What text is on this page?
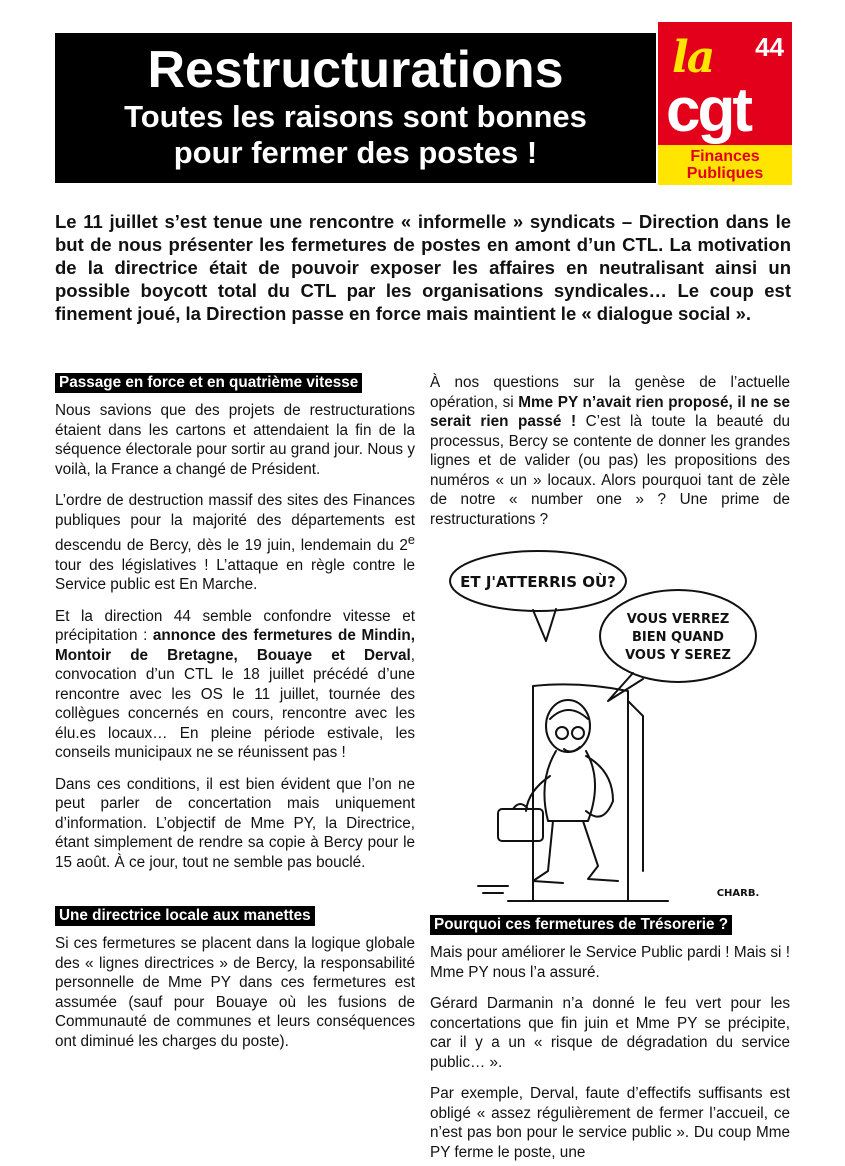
Restructurations
Toutes les raisons sont bonnes
pour fermer des postes !
la 44
cgt
Finances
Publiques
Le 11 juillet s’est tenue une rencontre « informelle » syndicats – Direction dans le but de nous présenter les fermetures de postes en amont d’un CTL. La motivation de la directrice était de pouvoir exposer les affaires en neutralisant ainsi un possible boycott total du CTL par les organisations syndicales… Le coup est finement joué, la Direction passe en force mais maintient le « dialogue social ».
Passage en force et en quatrième vitesse

Nous savions que des projets de restructurations étaient dans les cartons et attendaient la fin de la séquence électorale pour sortir au grand jour. Nous y voilà, la France a changé de Président.

L’ordre de destruction massif des sites des Finances publiques pour la majorité des départements est descendu de Bercy, dès le 19 juin, lendemain du 2e tour des législatives ! L’attaque en règle contre le Service public est En Marche.

Et la direction 44 semble confondre vitesse et précipitation : annonce des fermetures de Mindin, Montoir de Bretagne, Bouaye et Derval, convocation d’un CTL le 18 juillet précédé d’une rencontre avec les OS le 11 juillet, tournée des collègues concernés en cours, rencontre avec les élu.es locaux… En pleine période estivale, les conseils municipaux ne se réunissent pas !

Dans ces conditions, il est bien évident que l’on ne peut parler de concertation mais uniquement d’information. L’objectif de Mme PY, la Directrice, étant simplement de rendre sa copie à Bercy pour le 15 août. À ce jour, tout ne semble pas bouclé.

Une directrice locale aux manettes

Si ces fermetures se placent dans la logique globale des « lignes directrices » de Bercy, la responsabilité personnelle de Mme PY dans ces fermetures est assumée (sauf pour Bouaye où les fusions de Communauté de communes et leurs conséquences ont diminué les charges du poste).

À nos questions sur la genèse de l’actuelle opération, si Mme PY n’avait rien proposé, il ne se serait rien passé ! C’est là toute la beauté du processus, Bercy se contente de donner les grandes lignes et de valider (ou pas) les propositions des numéros « un » locaux. Alors pourquoi tant de zèle de notre « number one » ? Une prime de restructurations ?

ET J'ATTERRIS OÙ?
VOUS VERREZ
BIEN QUAND
VOUS Y SEREZ
CHARB.
Pourquoi ces fermetures de Trésorerie ?

Mais pour améliorer le Service Public pardi ! Mais si ! Mme PY nous l’a assuré.

Gérard Darmanin n’a donné le feu vert pour les concertations que fin juin et Mme PY se précipite, car il y a un « risque de dégradation du service public… ».

Par exemple, Derval, faute d’effectifs suffisants est obligé « assez régulièrement de fermer l’accueil, ce n’est pas bon pour le service public ». Du coup Mme PY ferme le poste, une
